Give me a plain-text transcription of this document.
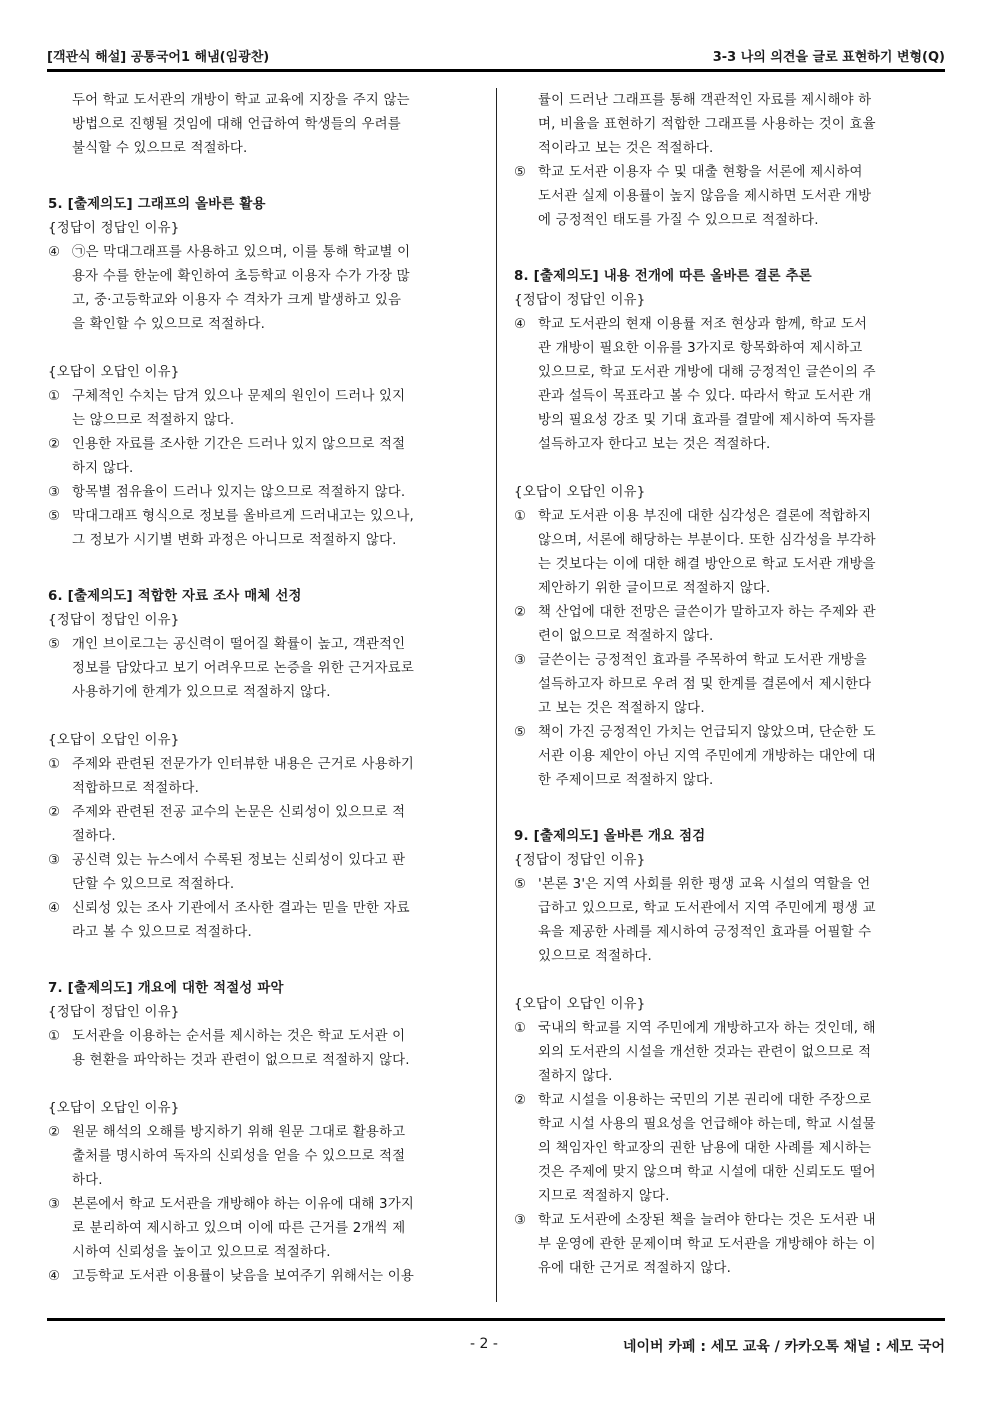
[객관식 해설] 공통국어1 해냄(임광찬)	3-3 나의 의견을 글로 표현하기 변형(Q)
두어 학교 도서관의 개방이 학교 교육에 지장을 주지 않는
방법으로 진행될 것임에 대해 언급하여 학생들의 우려를
불식할 수 있으므로 적절하다.
5. [출제의도] 그래프의 올바른 활용
{정답이 정답인 이유}
④ ㉠은 막대그래프를 사용하고 있으며, 이를 통해 학교별 이
용자 수를 한눈에 확인하여 초등학교 이용자 수가 가장 많
고, 중·고등학교와 이용자 수 격차가 크게 발생하고 있음
을 확인할 수 있으므로 적절하다.
{오답이 오답인 이유}
① 구체적인 수치는 담겨 있으나 문제의 원인이 드러나 있지
는 않으므로 적절하지 않다.
② 인용한 자료를 조사한 기간은 드러나 있지 않으므로 적절
하지 않다.
③ 항목별 점유율이 드러나 있지는 않으므로 적절하지 않다.
⑤ 막대그래프 형식으로 정보를 올바르게 드러내고는 있으나,
그 정보가 시기별 변화 과정은 아니므로 적절하지 않다.
6. [출제의도] 적합한 자료 조사 매체 선정
{정답이 정답인 이유}
⑤ 개인 브이로그는 공신력이 떨어질 확률이 높고, 객관적인
정보를 담았다고 보기 어려우므로 논증을 위한 근거자료로
사용하기에 한계가 있으므로 적절하지 않다.
{오답이 오답인 이유}
① 주제와 관련된 전문가가 인터뷰한 내용은 근거로 사용하기
적합하므로 적절하다.
② 주제와 관련된 전공 교수의 논문은 신뢰성이 있으므로 적
절하다.
③ 공신력 있는 뉴스에서 수록된 정보는 신뢰성이 있다고 판
단할 수 있으므로 적절하다.
④ 신뢰성 있는 조사 기관에서 조사한 결과는 믿을 만한 자료
라고 볼 수 있으므로 적절하다.
7. [출제의도] 개요에 대한 적절성 파악
{정답이 정답인 이유}
① 도서관을 이용하는 순서를 제시하는 것은 학교 도서관 이
용 현환을 파악하는 것과 관련이 없으므로 적절하지 않다.
{오답이 오답인 이유}
② 원문 해석의 오해를 방지하기 위해 원문 그대로 활용하고
출처를 명시하여 독자의 신뢰성을 얻을 수 있으므로 적절
하다.
③ 본론에서 학교 도서관을 개방해야 하는 이유에 대해 3가지
로 분리하여 제시하고 있으며 이에 따른 근거를 2개씩 제
시하여 신뢰성을 높이고 있으므로 적절하다.
④ 고등학교 도서관 이용률이 낮음을 보여주기 위해서는 이용
률이 드러난 그래프를 통해 객관적인 자료를 제시해야 하
며, 비율을 표현하기 적합한 그래프를 사용하는 것이 효율
적이라고 보는 것은 적절하다.
⑤ 학교 도서관 이용자 수 및 대출 현황을 서론에 제시하여
도서관 실제 이용률이 높지 않음을 제시하면 도서관 개방
에 긍정적인 태도를 가질 수 있으므로 적절하다.
8. [출제의도] 내용 전개에 따른 올바른 결론 추론
{정답이 정답인 이유}
④ 학교 도서관의 현재 이용률 저조 현상과 함께, 학교 도서
관 개방이 필요한 이유를 3가지로 항목화하여 제시하고
있으므로, 학교 도서관 개방에 대해 긍정적인 글쓴이의 주
관과 설득이 목표라고 볼 수 있다. 따라서 학교 도서관 개
방의 필요성 강조 및 기대 효과를 결말에 제시하여 독자를
설득하고자 한다고 보는 것은 적절하다.
{오답이 오답인 이유}
① 학교 도서관 이용 부진에 대한 심각성은 결론에 적합하지
않으며, 서론에 해당하는 부분이다. 또한 심각성을 부각하
는 것보다는 이에 대한 해결 방안으로 학교 도서관 개방을
제안하기 위한 글이므로 적절하지 않다.
② 책 산업에 대한 전망은 글쓴이가 말하고자 하는 주제와 관
련이 없으므로 적절하지 않다.
③ 글쓴이는 긍정적인 효과를 주목하여 학교 도서관 개방을
설득하고자 하므로 우려 점 및 한계를 결론에서 제시한다
고 보는 것은 적절하지 않다.
⑤ 책이 가진 긍정적인 가치는 언급되지 않았으며, 단순한 도
서관 이용 제안이 아닌 지역 주민에게 개방하는 대안에 대
한 주제이므로 적절하지 않다.
9. [출제의도] 올바른 개요 점검
{정답이 정답인 이유}
⑤ '본론 3'은 지역 사회를 위한 평생 교육 시설의 역할을 언
급하고 있으므로, 학교 도서관에서 지역 주민에게 평생 교
육을 제공한 사례를 제시하여 긍정적인 효과를 어필할 수
있으므로 적절하다.
{오답이 오답인 이유}
① 국내의 학교를 지역 주민에게 개방하고자 하는 것인데, 해
외의 도서관의 시설을 개선한 것과는 관련이 없으므로 적
절하지 않다.
② 학교 시설을 이용하는 국민의 기본 권리에 대한 주장으로
학교 시설 사용의 필요성을 언급해야 하는데, 학교 시설물
의 책임자인 학교장의 권한 남용에 대한 사례를 제시하는
것은 주제에 맞지 않으며 학교 시설에 대한 신뢰도도 떨어
지므로 적절하지 않다.
③ 학교 도서관에 소장된 책을 늘려야 한다는 것은 도서관 내
부 운영에 관한 문제이며 학교 도서관을 개방해야 하는 이
유에 대한 근거로 적절하지 않다.
- 2 -	네이버 카페 : 세모 교육 / 카카오톡 채널 : 세모 국어
